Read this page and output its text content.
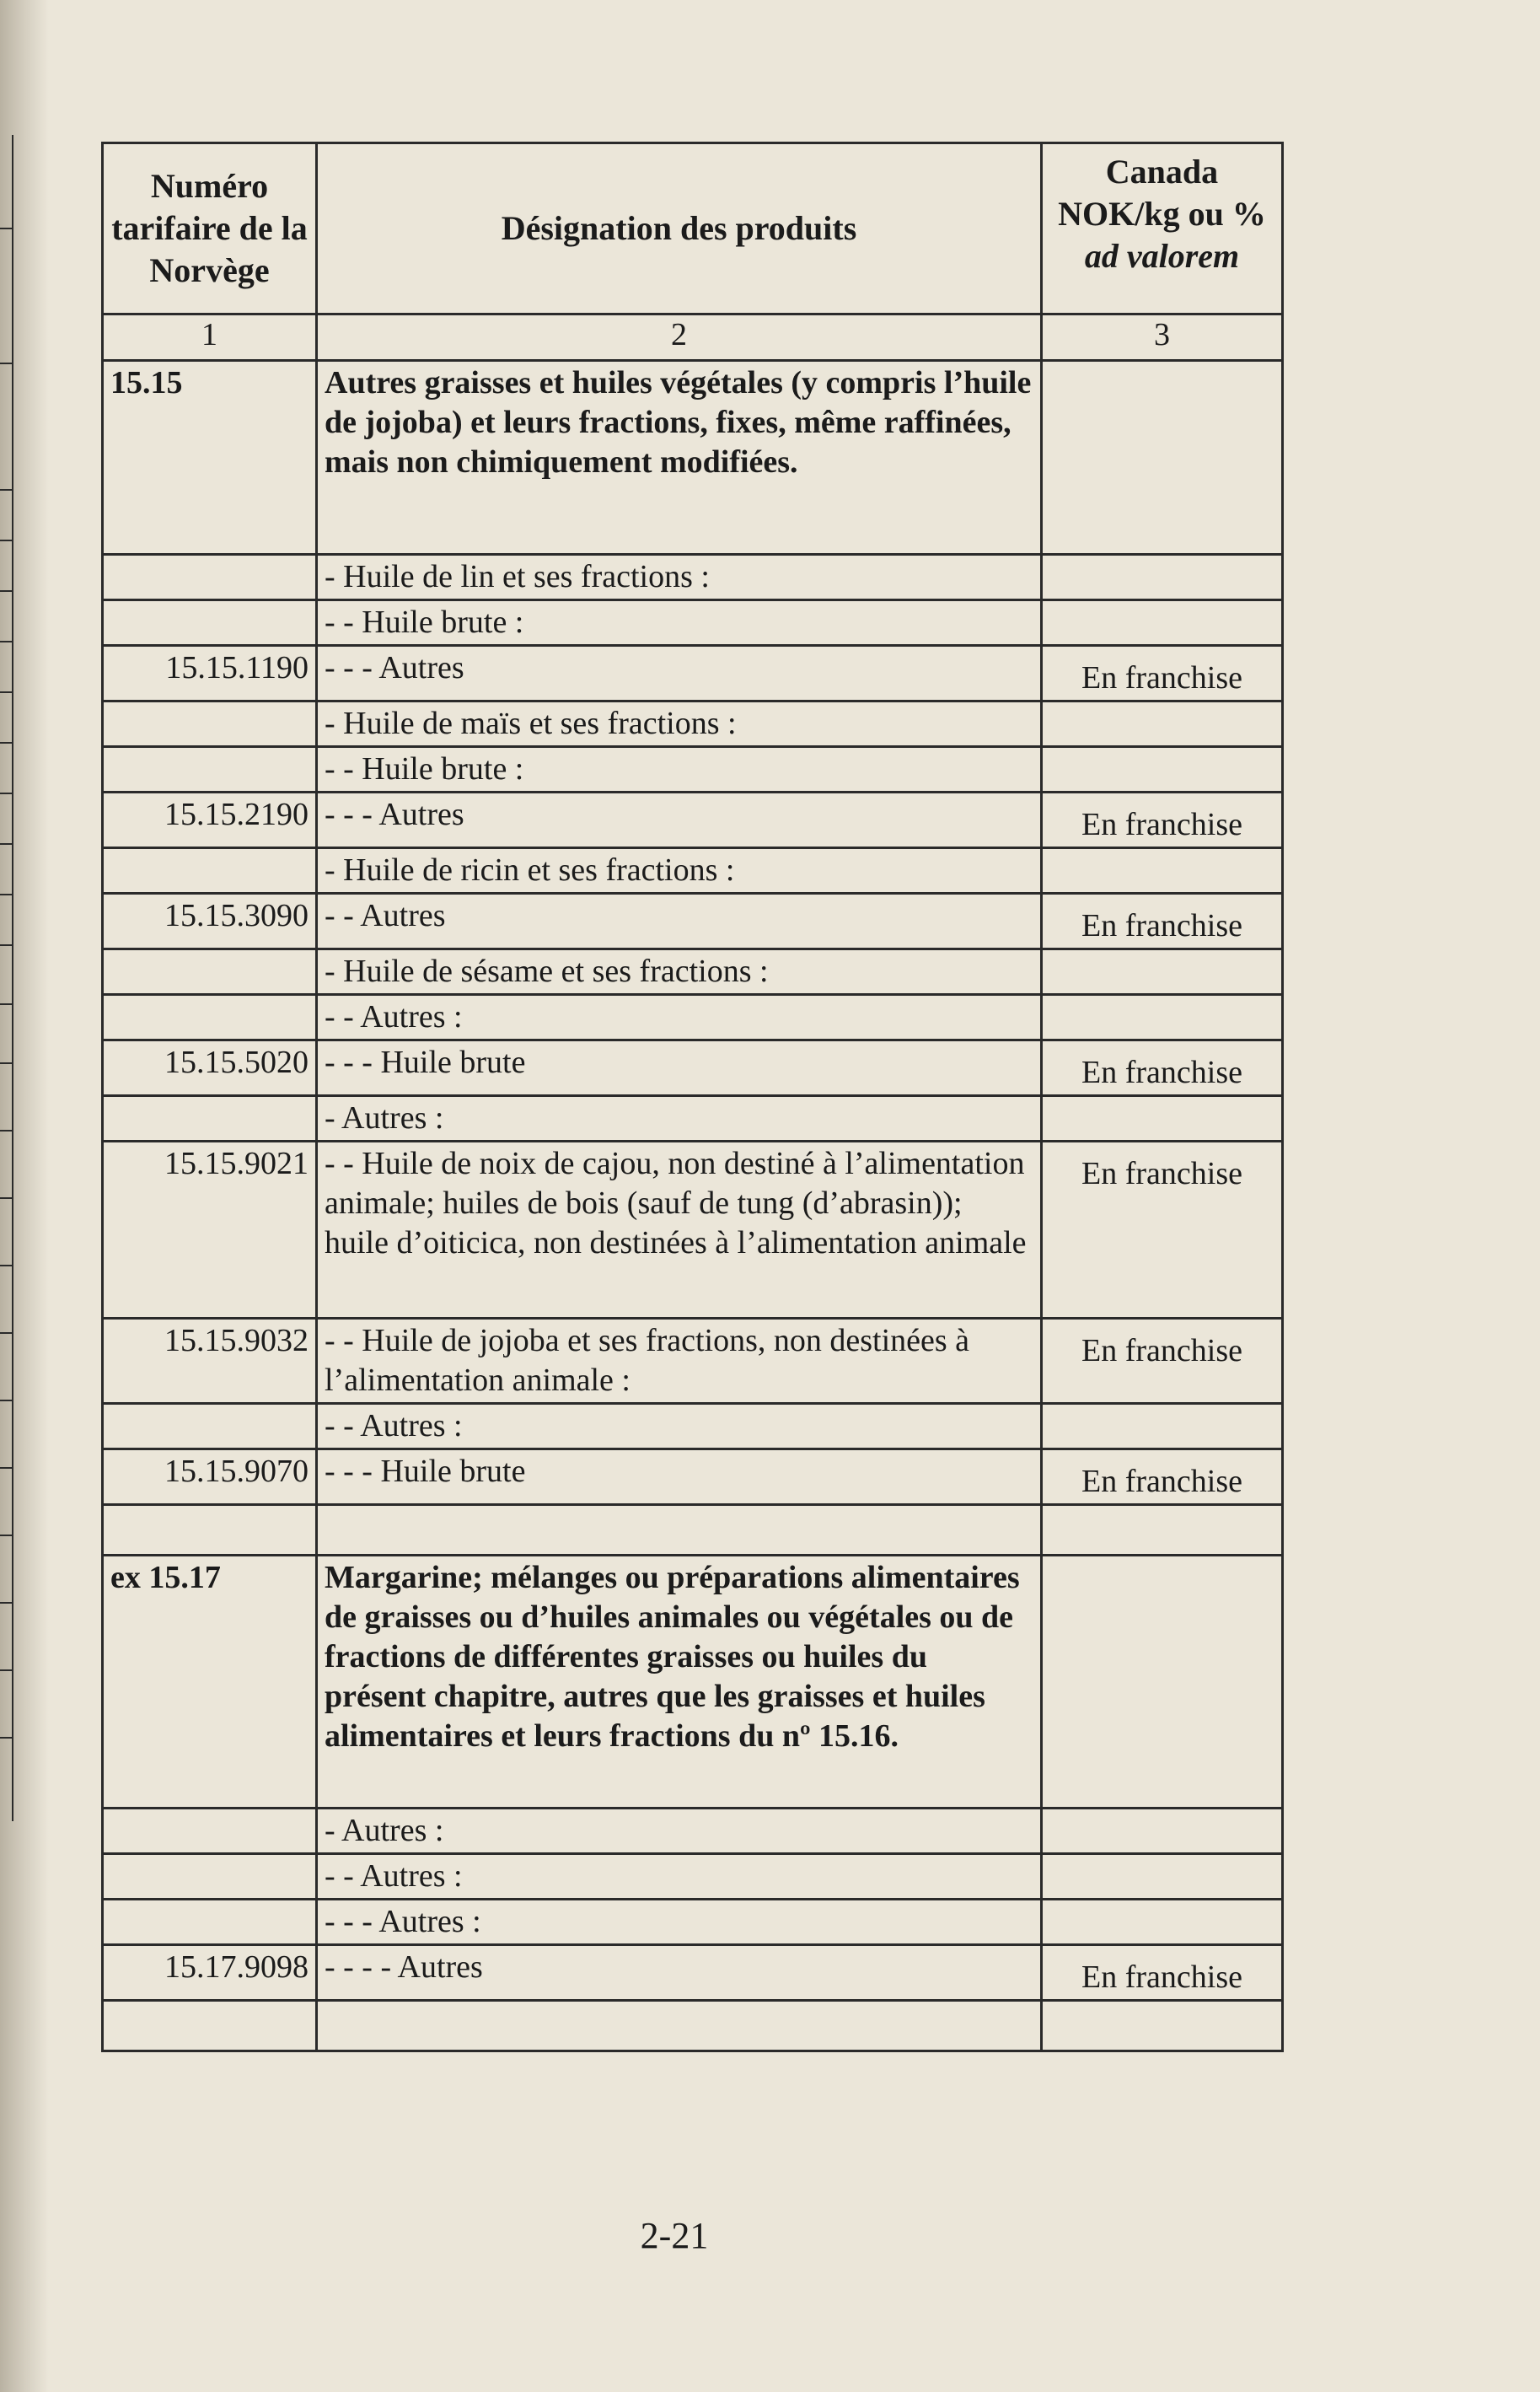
Numéro tarifaire de la Norvège	Désignation des produits	Canada NOK/kg ou %
ad valorem

1	2	3
15.15	Autres graisses et huiles végétales (y compris l’huile de jojoba) et leurs fractions, fixes, même raffinées, mais non chimiquement modifiées.	
	- Huile de lin et ses fractions :	
	- - Huile brute :	
15.15.1190	- - - Autres	En franchise
	- Huile de maïs et ses fractions :	
	- - Huile brute :	
15.15.2190	- - - Autres	En franchise
	- Huile de ricin et ses fractions :	
15.15.3090	- - Autres	En franchise
	- Huile de sésame et ses fractions :	
	- - Autres :	
15.15.5020	- - - Huile brute	En franchise
	- Autres :	
15.15.9021	- - Huile de noix de cajou, non destiné à l’alimentation animale; huiles de bois (sauf de tung (d’abrasin)); huile d’oiticica, non destinées à l’alimentation animale	En franchise
15.15.9032	- - Huile de jojoba et ses fractions, non destinées à l’alimentation animale :	En franchise
	- - Autres :	
15.15.9070	- - - Huile brute	En franchise

ex 15.17	Margarine; mélanges ou préparations alimentaires de graisses ou d’huiles animales ou végétales ou de fractions de différentes graisses ou huiles du présent chapitre, autres que les graisses et huiles alimentaires et leurs fractions du nº 15.16.	
	- Autres :	
	- - Autres :	
	- - - Autres :	
15.17.9098	- - - - Autres	En franchise

2-21
